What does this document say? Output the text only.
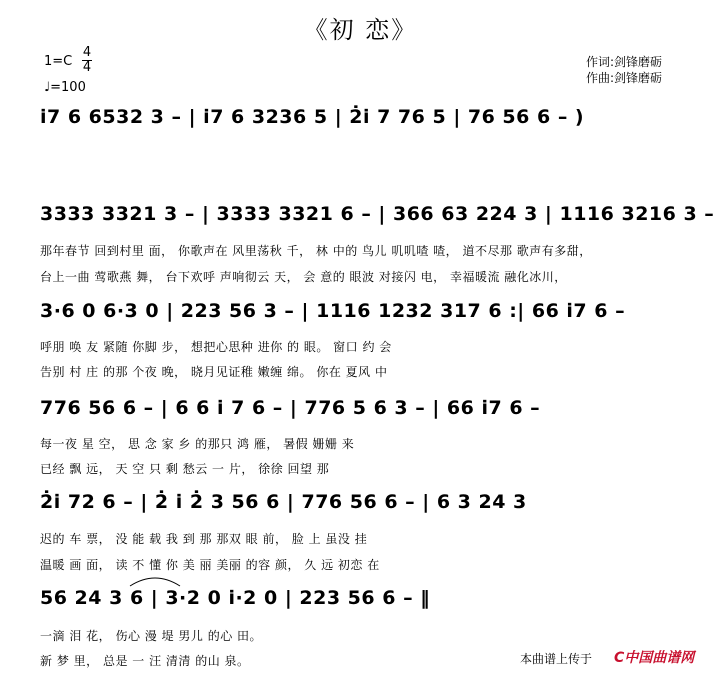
《初 恋》
1=C
4
4
♩=100
作词:剑锋磨砺
作曲:剑锋磨砺
i̇7 6 6532 3 – | i̇7 6 3236 5 | 2̇i̇ 7 76 5 | 76 56 6 – )
3333 3321 3 – | 3333 3321 6 – | 366 63 224 3 | 1116 3216 3 –
那年春节 回到村里 面， 你歌声在 风里荡秋 千， 林 中的 鸟儿 叽叽喳 喳， 道不尽那 歌声有多甜，
台上一曲 莺歌燕 舞， 台下欢呼 声响彻云 天， 会 意的 眼波 对接闪 电， 幸福暖流 融化冰川，
3·6 0 6·3 0 | 223 56 3 – | 1116 1232 317 6 :| 66 i̇7 6 –
呼朋 唤 友 紧随 你脚 步， 想把心思种 进你 的 眼。 窗口 约 会
告别 村 庄 的那 个夜 晚， 晓月见证稚 嫩缠 绵。 你在 夏风 中
776 56 6 – | 6 6 i̇ 7 6 – | 776 5 6 3 – | 66 i̇7 6 –
每一夜 星 空， 思 念 家 乡 的那只 鸿 雁， 暑假 姗姗 来
已经 飘 远， 天 空 只 剩 愁云 一 片， 徐徐 回望 那
2̇i̇ 72 6 – | 2̇ i̇ 2̇ 3 56 6 | 776 56 6 – | 6 3 24 3
迟的 车 票， 没 能 载 我 到 那 那双 眼 前， 脸 上 虽没 挂
温暖 画 面， 读 不 懂 你 美 丽 美丽 的容 颜， 久 远 初恋 在
56 24 3 6 | 3·2 0 i̇·2 0 | 223 56 6 – ‖
一滴 泪 花， 伤心 漫 堤 男儿 的心 田。
新 梦 里， 总是 一 汪 清清 的山 泉。	本曲谱上传于 C中国曲谱网
